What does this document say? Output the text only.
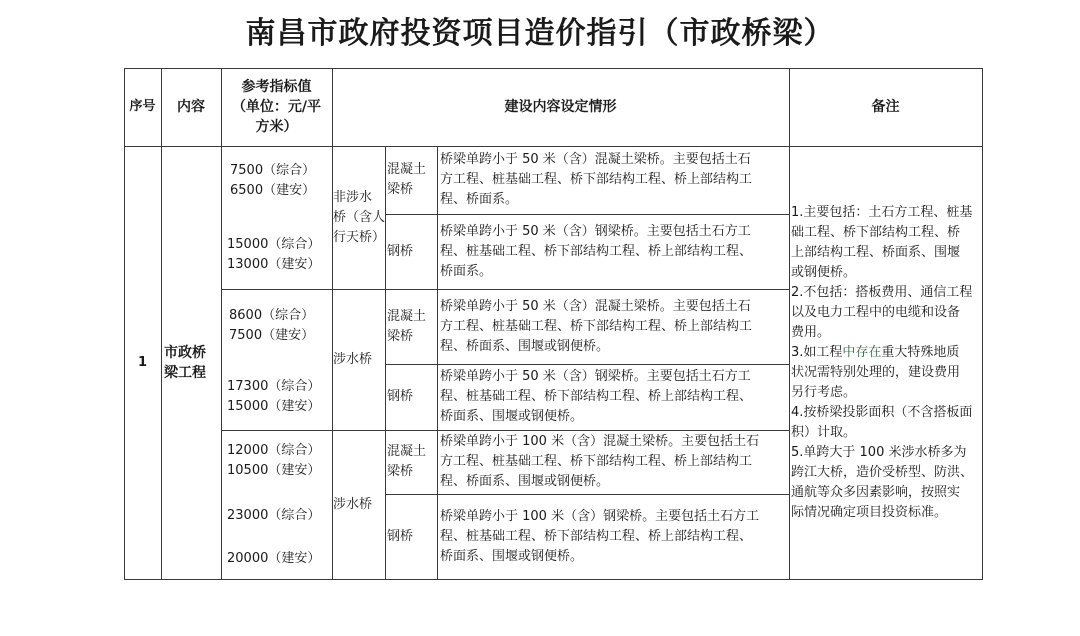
南昌市政府投资项目造价指引（市政桥梁）
序号	内容
参考指标值
（单位：元/平
方米）
建设内容设定情形	备注
1
市政桥
梁工程
7500（综合）
6500（建安）
15000（综合）
13000（建安）
非涉水
桥（含人
行天桥）
混凝土
梁桥
钢桥
桥梁单跨小于 50 米（含）混凝土梁桥。主要包括土石
方工程、桩基础工程、桥下部结构工程、桥上部结构工
程、桥面系。
桥梁单跨小于 50 米（含）钢梁桥。主要包括土石方工
程、桩基础工程、桥下部结构工程、桥上部结构工程、
桥面系。
8600（综合）
7500（建安）
17300（综合）
15000（建安）
涉水桥
混凝土
梁桥
钢桥
桥梁单跨小于 50 米（含）混凝土梁桥。主要包括土石
方工程、桩基础工程、桥下部结构工程、桥上部结构工
程、桥面系、围堰或钢便桥。
桥梁单跨小于 50 米（含）钢梁桥。主要包括土石方工
程、桩基础工程、桥下部结构工程、桥上部结构工程、
桥面系、围堰或钢便桥。
12000（综合）
10500（建安）
23000（综合）
20000（建安）
涉水桥
混凝土
梁桥
钢桥
桥梁单跨小于 100 米（含）混凝土梁桥。主要包括土石
方工程、桩基础工程、桥下部结构工程、桥上部结构工
程、桥面系、围堰或钢便桥。
桥梁单跨小于 100 米（含）钢梁桥。主要包括土石方工
程、桩基础工程、桥下部结构工程、桥上部结构工程、
桥面系、围堰或钢便桥。
1.主要包括：土石方工程、桩基
础工程、桥下部结构工程、桥
上部结构工程、桥面系、围堰
或钢便桥。
2.不包括：搭板费用、通信工程
以及电力工程中的电缆和设备
费用。
3.如工程中存在重大特殊地质
状况需特别处理的，建设费用
另行考虑。
4.按桥梁投影面积（不含搭板面
积）计取。
5.单跨大于 100 米涉水桥多为
跨江大桥，造价受桥型、防洪、
通航等众多因素影响，按照实
际情况确定项目投资标准。
